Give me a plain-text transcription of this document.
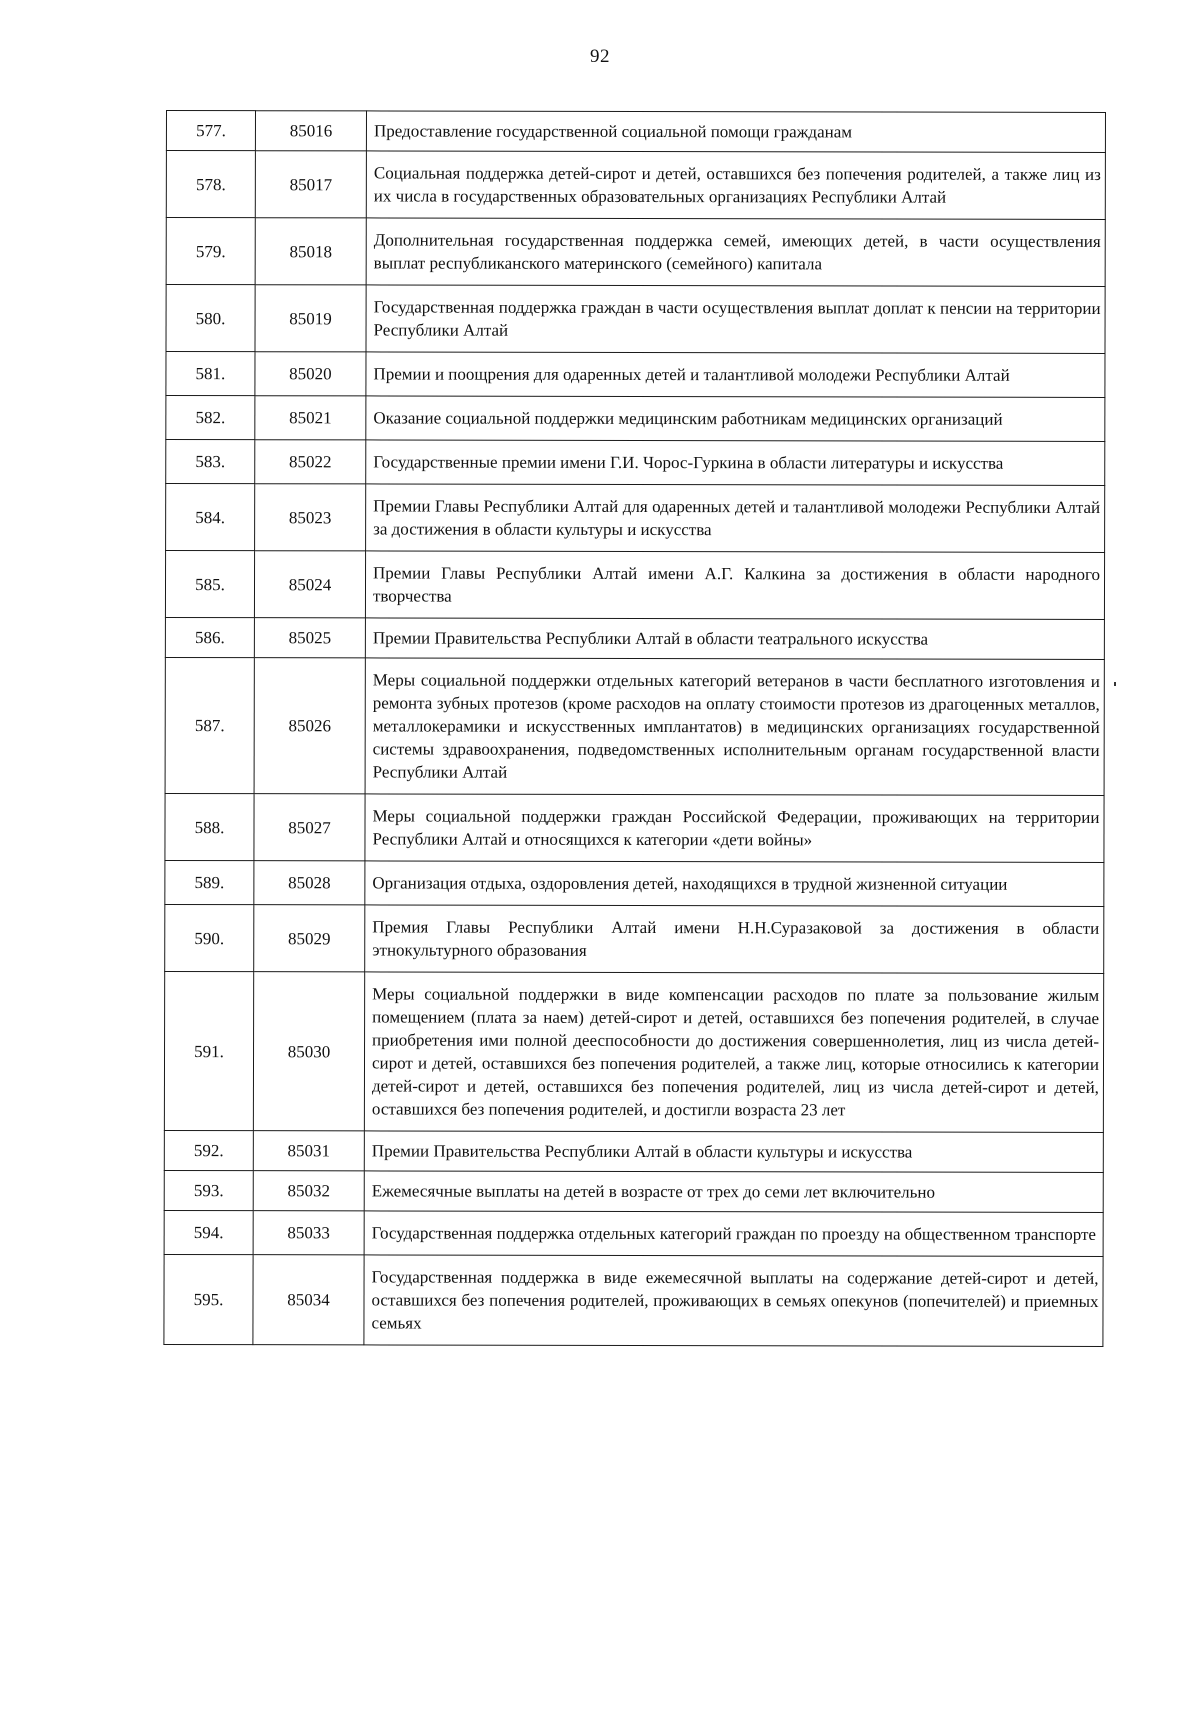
92
577.	85016	Предоставление государственной социальной помощи гражданам
578.	85017	Социальная поддержка детей-сирот и детей, оставшихся без попечения родителей, а также лиц из их числа в государственных образовательных организациях Республики Алтай
579.	85018	Дополнительная государственная поддержка семей, имеющих детей, в части осуществления выплат республиканского материнского (семейного) капитала
580.	85019	Государственная поддержка граждан в части осуществления выплат доплат к пенсии на территории Республики Алтай
581.	85020	Премии и поощрения для одаренных детей и талантливой молодежи Республики Алтай
582.	85021	Оказание социальной поддержки медицинским работникам медицинских организаций
583.	85022	Государственные премии имени Г.И. Чорос-Гуркина в области литературы и искусства
584.	85023	Премии Главы Республики Алтай для одаренных детей и талантливой молодежи Республики Алтай за достижения в области культуры и искусства
585.	85024	Премии Главы Республики Алтай имени А.Г. Калкина за достижения в области народного творчества
586.	85025	Премии Правительства Республики Алтай в области театрального искусства
587.	85026	Меры социальной поддержки отдельных категорий ветеранов в части бесплатного изготовления и ремонта зубных протезов (кроме расходов на оплату стоимости протезов из драгоценных металлов, металлокерамики и искусственных имплантатов) в медицинских организациях государственной системы здравоохранения, подведомственных исполнительным органам государственной власти Республики Алтай
588.	85027	Меры социальной поддержки граждан Российской Федерации, проживающих на территории Республики Алтай и относящихся к категории «дети войны»
589.	85028	Организация отдыха, оздоровления детей, находящихся в трудной жизненной ситуации
590.	85029	Премия Главы Республики Алтай имени Н.Н.Суразаковой за достижения в области этнокультурного образования
591.	85030	Меры социальной поддержки в виде компенсации расходов по плате за пользование жилым помещением (плата за наем) детей-сирот и детей, оставшихся без попечения родителей, в случае приобретения ими полной дееспособности до достижения совершеннолетия, лиц из числа детей-сирот и детей, оставшихся без попечения родителей, а также лиц, которые относились к категории детей-сирот и детей, оставшихся без попечения родителей, лиц из числа детей-сирот и детей, оставшихся без попечения родителей, и достигли возраста 23 лет
592.	85031	Премии Правительства Республики Алтай в области культуры и искусства
593.	85032	Ежемесячные выплаты на детей в возрасте от трех до семи лет включительно
594.	85033	Государственная поддержка отдельных категорий граждан по проезду на общественном транспорте
595.	85034	Государственная поддержка в виде ежемесячной выплаты на содержание детей-сирот и детей, оставшихся без попечения родителей, проживающих в семьях опекунов (попечителей) и приемных семьях
